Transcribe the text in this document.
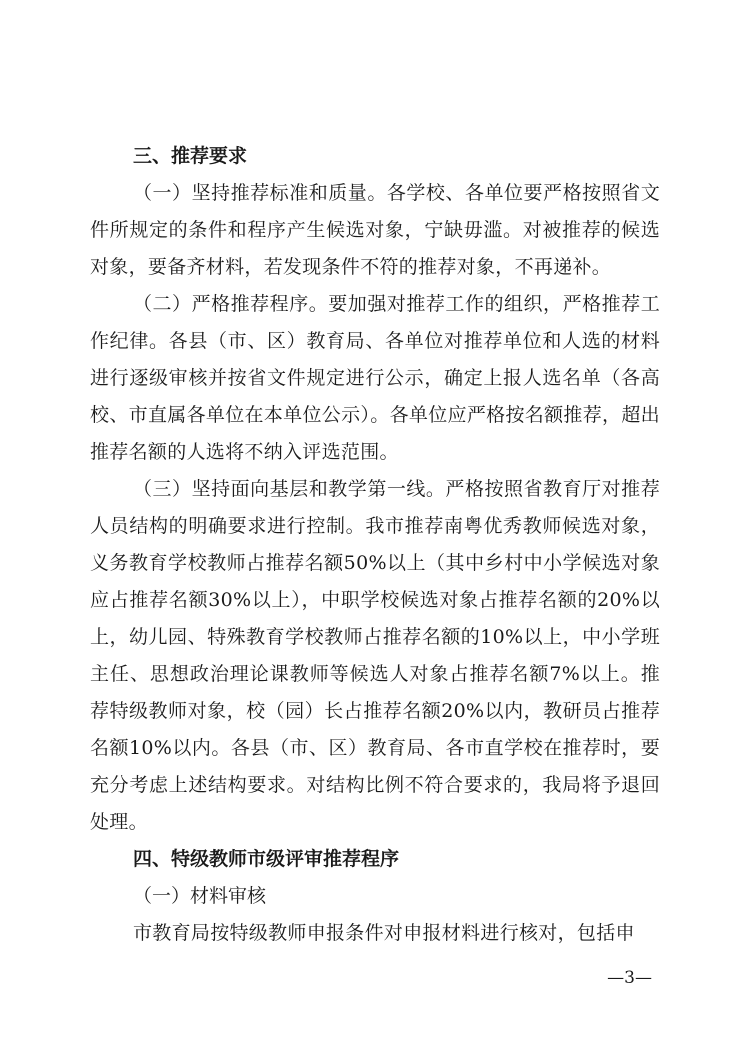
三、推荐要求

（一）坚持推荐标准和质量。各学校、各单位要严格按照省文件所规定的条件和程序产生候选对象，宁缺毋滥。对被推荐的候选对象，要备齐材料，若发现条件不符的推荐对象，不再递补。

（二）严格推荐程序。要加强对推荐工作的组织，严格推荐工作纪律。各县（市、区）教育局、各单位对推荐单位和人选的材料进行逐级审核并按省文件规定进行公示，确定上报人选名单（各高校、市直属各单位在本单位公示）。各单位应严格按名额推荐，超出推荐名额的人选将不纳入评选范围。

（三）坚持面向基层和教学第一线。严格按照省教育厅对推荐人员结构的明确要求进行控制。我市推荐南粤优秀教师候选对象，义务教育学校教师占推荐名额50%以上（其中乡村中小学候选对象应占推荐名额30%以上），中职学校候选对象占推荐名额的20%以上，幼儿园、特殊教育学校教师占推荐名额的10%以上，中小学班主任、思想政治理论课教师等候选人对象占推荐名额7%以上。推荐特级教师对象，校（园）长占推荐名额20%以内，教研员占推荐名额10%以内。各县（市、区）教育局、各市直学校在推荐时，要充分考虑上述结构要求。对结构比例不符合要求的，我局将予退回处理。

四、特级教师市级评审推荐程序

（一）材料审核

市教育局按特级教师申报条件对申报材料进行核对，包括申

—3—
